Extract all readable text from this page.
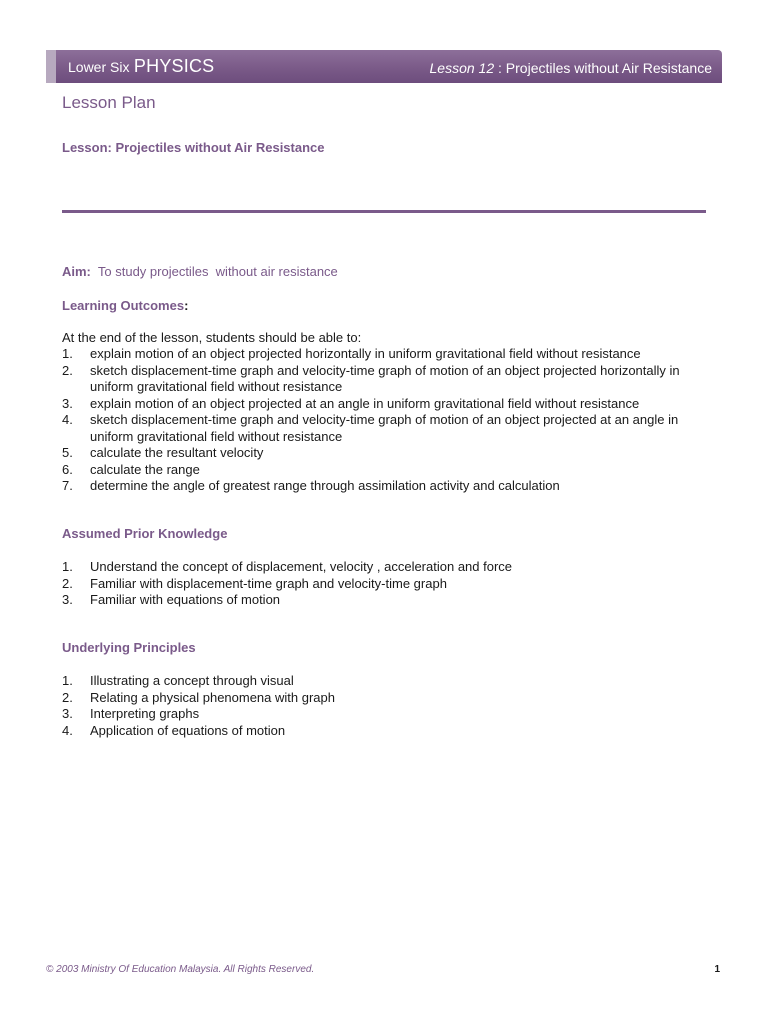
Lower Six PHYSICS	Lesson 12 : Projectiles without Air Resistance
Lesson Plan
Lesson: Projectiles without Air Resistance
Aim: To study projectiles  without air resistance
Learning Outcomes:
At the end of the lesson, students should be able to:
1. explain motion of an object projected horizontally in uniform gravitational field without resistance
2. sketch displacement-time graph and velocity-time graph of motion of an object projected horizontally in uniform gravitational field without resistance
3. explain motion of an object projected at an angle in uniform gravitational field without resistance
4. sketch displacement-time graph and velocity-time graph of motion of an object projected at an angle in uniform gravitational field without resistance
5. calculate the resultant velocity
6. calculate the range
7. determine the angle of greatest range through assimilation activity and calculation
Assumed Prior Knowledge
1. Understand the concept of displacement, velocity , acceleration and force
2. Familiar with displacement-time graph and velocity-time graph
3. Familiar with equations of motion
Underlying Principles
1. Illustrating a concept through visual
2. Relating a physical phenomena with graph
3. Interpreting graphs
4. Application of equations of motion
© 2003 Ministry Of Education Malaysia. All Rights Reserved.	1
